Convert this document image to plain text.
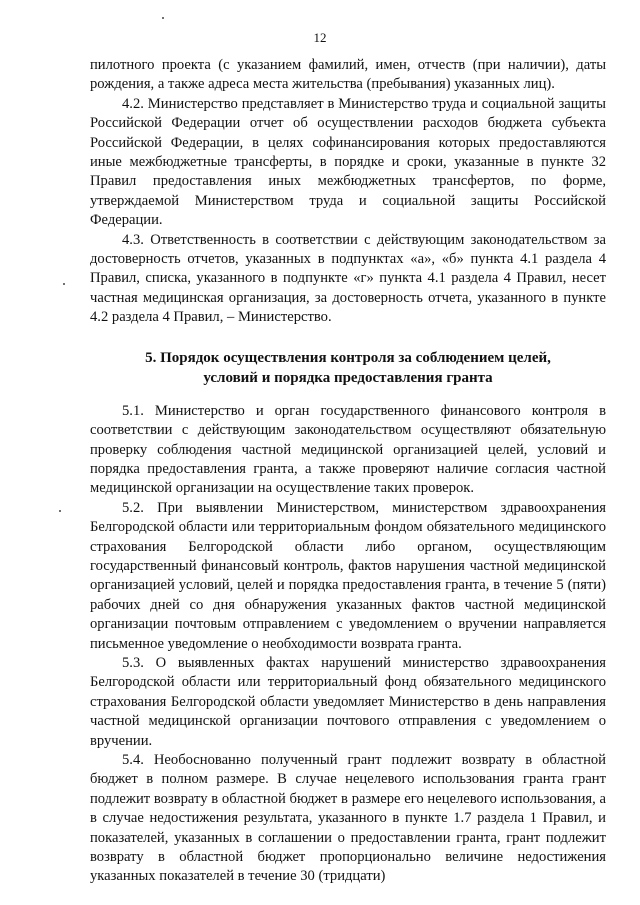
12

пилотного проекта (с указанием фамилий, имен, отчеств (при наличии), даты рождения, а также адреса места жительства (пребывания) указанных лиц).

4.2. Министерство представляет в Министерство труда и социальной защиты Российской Федерации отчет об осуществлении расходов бюджета субъекта Российской Федерации, в целях софинансирования которых предоставляются иные межбюджетные трансферты, в порядке и сроки, указанные в пункте 32 Правил предоставления иных межбюджетных трансфертов, по форме, утверждаемой Министерством труда и социальной защиты Российской Федерации.

4.3. Ответственность в соответствии с действующим законодательством за достоверность отчетов, указанных в подпунктах «а», «б» пункта 4.1 раздела 4 Правил, списка, указанного в подпункте «г» пункта 4.1 раздела 4 Правил, несет частная медицинская организация, за достоверность отчета, указанного в пункте 4.2 раздела 4 Правил, – Министерство.

5. Порядок осуществления контроля за соблюдением целей,
условий и порядка предоставления гранта

5.1. Министерство и орган государственного финансового контроля в соответствии с действующим законодательством осуществляют обязательную проверку соблюдения частной медицинской организацией целей, условий и порядка предоставления гранта, а также проверяют наличие согласия частной медицинской организации на осуществление таких проверок.

5.2. При выявлении Министерством, министерством здравоохранения Белгородской области или территориальным фондом обязательного медицинского страхования Белгородской области либо органом, осуществляющим государственный финансовый контроль, фактов нарушения частной медицинской организацией условий, целей и порядка предоставления гранта, в течение 5 (пяти) рабочих дней со дня обнаружения указанных фактов частной медицинской организации почтовым отправлением с уведомлением о вручении направляется письменное уведомление о необходимости возврата гранта.

5.3. О выявленных фактах нарушений министерство здравоохранения Белгородской области или территориальный фонд обязательного медицинского страхования Белгородской области уведомляет Министерство в день направления частной медицинской организации почтового отправления с уведомлением о вручении.

5.4. Необоснованно полученный грант подлежит возврату в областной бюджет в полном размере. В случае нецелевого использования гранта грант подлежит возврату в областной бюджет в размере его нецелевого использования, а в случае недостижения результата, указанного в пункте 1.7 раздела 1 Правил, и показателей, указанных в соглашении о предоставлении гранта, грант подлежит возврату в областной бюджет пропорционально величине недостижения указанных показателей в течение 30 (тридцати)
